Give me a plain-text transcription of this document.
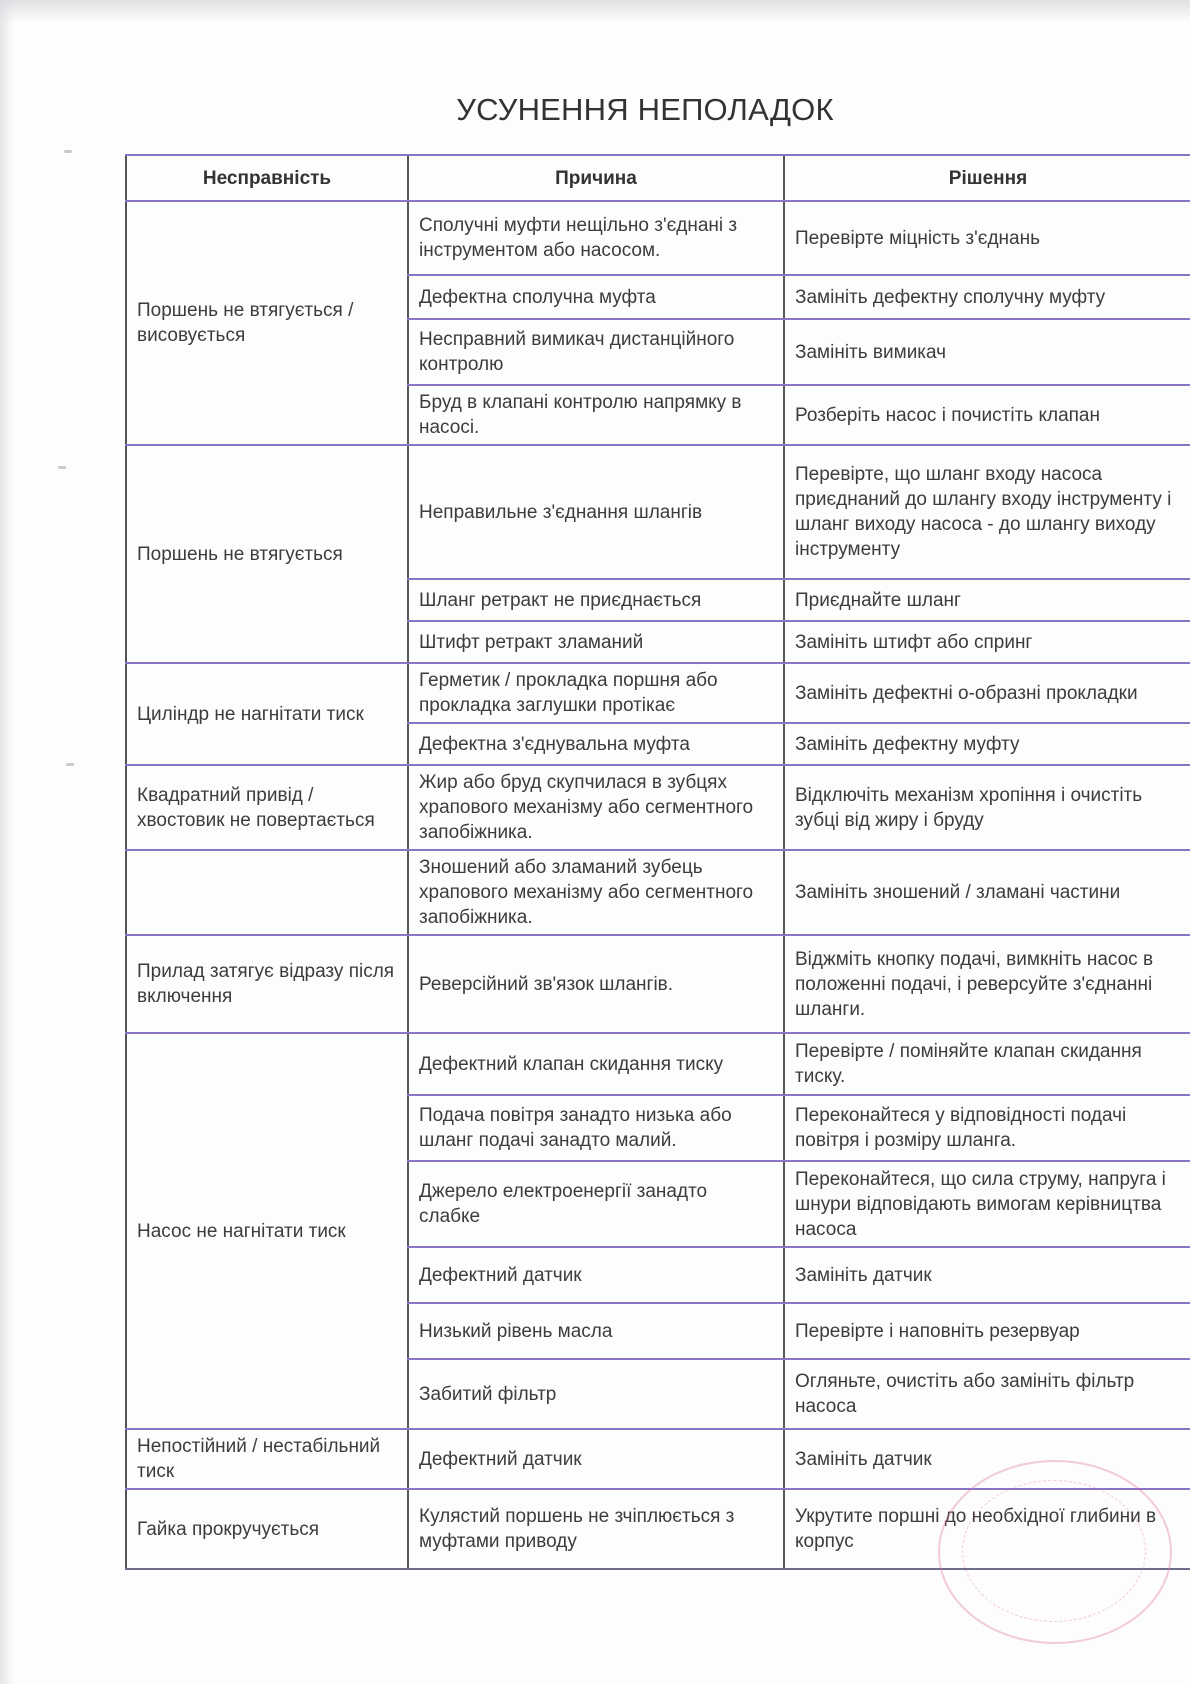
УСУНЕННЯ НЕПОЛАДОК
Несправність	Причина	Рішення
Поршень не втягується / висовується	Сполучні муфти нещільно з'єднані з інструментом або насосом.	Перевірте міцність з'єднань
	Дефектна сполучна муфта	Замініть дефектну сполучну муфту
	Несправний вимикач дистанційного контролю	Замініть вимикач
	Бруд в клапані контролю напрямку в насосі.	Розберіть насос і почистіть клапан
Поршень не втягується	Неправильне з'єднання шлангів	Перевірте, що шланг входу насоса приєднаний до шлангу входу інструменту і шланг виходу насоса - до шлангу виходу інструменту
	Шланг ретракт не приєднається	Приєднайте шланг
	Штифт ретракт зламаний	Замініть штифт або спринг
Циліндр не нагнітати тиск	Герметик / прокладка поршня або прокладка заглушки протікає	Замініть дефектні о-образні прокладки
	Дефектна з'єднувальна муфта	Замініть дефектну муфту
Квадратний привід / хвостовик не повертається	Жир або бруд скупчилася в зубцях храпового механізму або сегментного запобіжника.	Відключіть механізм хропіння і очистіть зубці від жиру і бруду
	Зношений або зламаний зубець храпового механізму або сегментного запобіжника.	Замініть зношений / зламані частини
Прилад затягує відразу після включення	Реверсійний зв'язок шлангів.	Віджміть кнопку подачі, вимкніть насос в положенні подачі, і реверсуйте з'єднанні шланги.
Насос не нагнітати тиск	Дефектний клапан скидання тиску	Перевірте / поміняйте клапан скидання тиску.
	Подача повітря занадто низька або шланг подачі занадто малий.	Переконайтеся у відповідності подачі повітря і розміру шланга.
	Джерело електроенергії занадто слабке	Переконайтеся, що сила струму, напруга і шнури відповідають вимогам керівництва насоса
	Дефектний датчик	Замініть датчик
	Низький рівень масла	Перевірте і наповніть резервуар
	Забитий фільтр	Огляньте, очистіть або замініть фільтр насоса
Непостійний / нестабільний тиск	Дефектний датчик	Замініть датчик
Гайка прокручується	Кулястий поршень не зчіплюється з муфтами приводу	Укрутите поршні до необхідної глибини в корпус
